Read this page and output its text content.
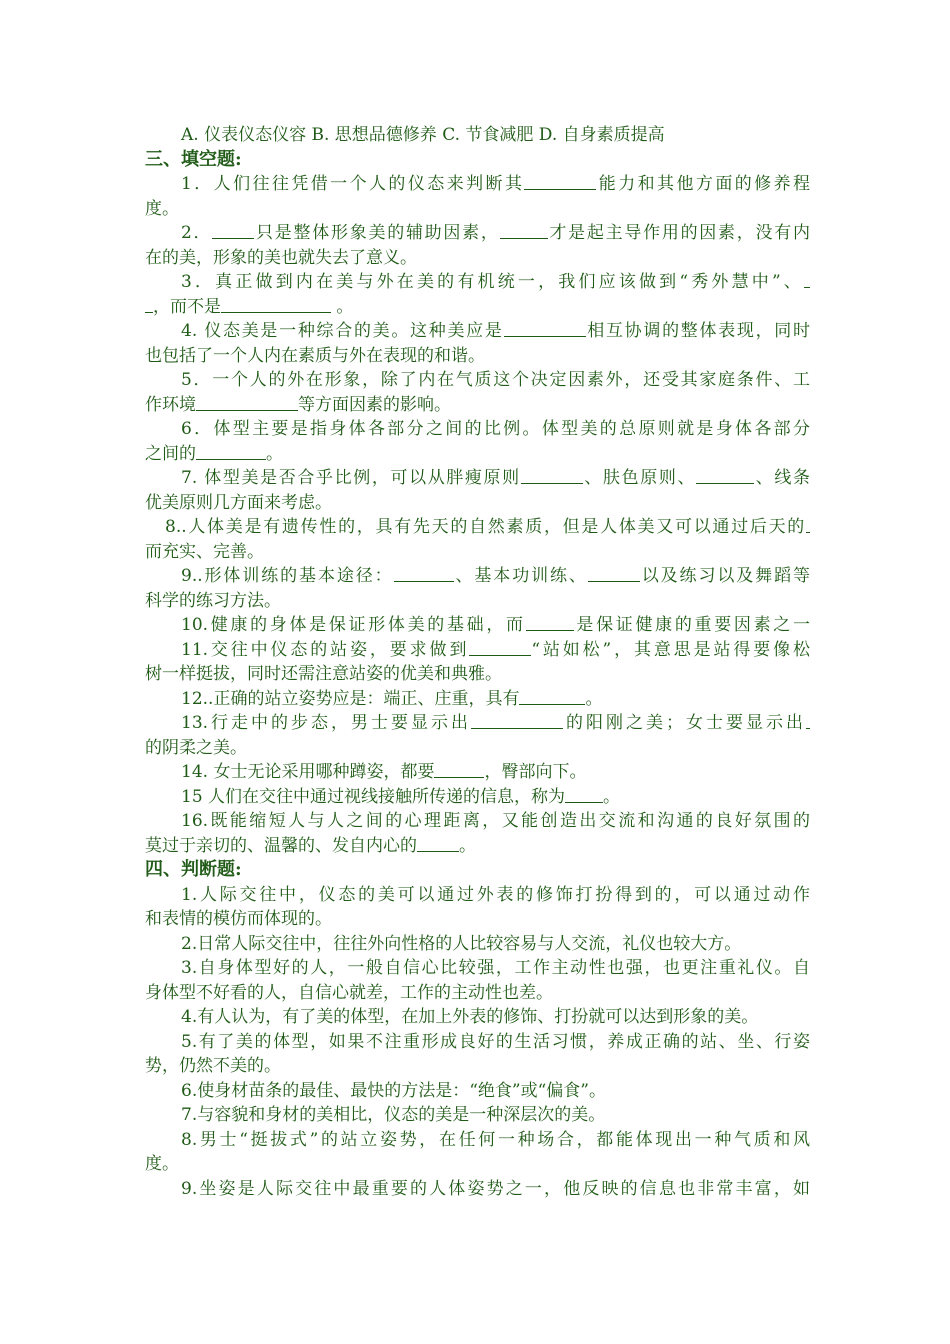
A. 仪表仪态仪容 B. 思想品德修养 C. 节食减肥 D. 自身素质提高
三、填空题:
1．人们往往凭借一个人的仪态来判断其	能力和其他方面的修养程
度。
2． 只是整体形象美的辅助因素，	才是起主导作用的因素，没有内
在的美，形象的美也就失去了意义。
3．真正做到内在美与外在美的有机统一，我们应该做到“秀外慧中”、
，而不是	。
4. 仪态美是一种综合的美。这种美应是	相互协调的整体表现，同时
也包括了一个人内在素质与外在表现的和谐。
5．一个人的外在形象，除了内在气质这个决定因素外，还受其家庭条件、工
作环境	等方面因素的影响。
6．体型主要是指身体各部分之间的比例。体型美的总原则就是身体各部分
之间的	。
7. 体型美是否合乎比例，可以从胖瘦原则	、肤色原则、	、线条
优美原则几方面来考虑。
8..人体美是有遗传性的，具有先天的自然素质，但是人体美又可以通过后天的
而充实、完善。
9..形体训练的基本途径：	、基本功训练、	以及练习以及舞蹈等
科学的练习方法。
10.健康的身体是保证形体美的基础，而	是保证健康的重要因素之一
11.交往中仪态的站姿，要求做到	“站如松”，其意思是站得要像松
树一样挺拔，同时还需注意站姿的优美和典雅。
12..正确的站立姿势应是：端正、庄重，具有	。
13.行走中的步态，男士要显示出	的阳刚之美；女士要显示出
的阴柔之美。
14. 女士无论采用哪种蹲姿，都要	，臀部向下。
15 人们在交往中通过视线接触所传递的信息，称为 。
16.既能缩短人与人之间的心理距离，又能创造出交流和沟通的良好氛围的
莫过于亲切的、温馨的、发自内心的 。
四、判断题:
1.人际交往中，仪态的美可以通过外表的修饰打扮得到的，可以通过动作
和表情的模仿而体现的。
2.日常人际交往中，往往外向性格的人比较容易与人交流，礼仪也较大方。
3.自身体型好的人，一般自信心比较强，工作主动性也强，也更注重礼仪。自
身体型不好看的人，自信心就差，工作的主动性也差。
4.有人认为，有了美的体型，在加上外表的修饰、打扮就可以达到形象的美。
5.有了美的体型，如果不注重形成良好的生活习惯，养成正确的站、坐、行姿
势，仍然不美的。
6.使身材苗条的最佳、最快的方法是：“绝食”或“偏食”。
7.与容貌和身材的美相比，仪态的美是一种深层次的美。
8.男士“挺拔式”的站立姿势，在任何一种场合，都能体现出一种气质和风
度。
9.坐姿是人际交往中最重要的人体姿势之一，他反映的信息也非常丰富，如
